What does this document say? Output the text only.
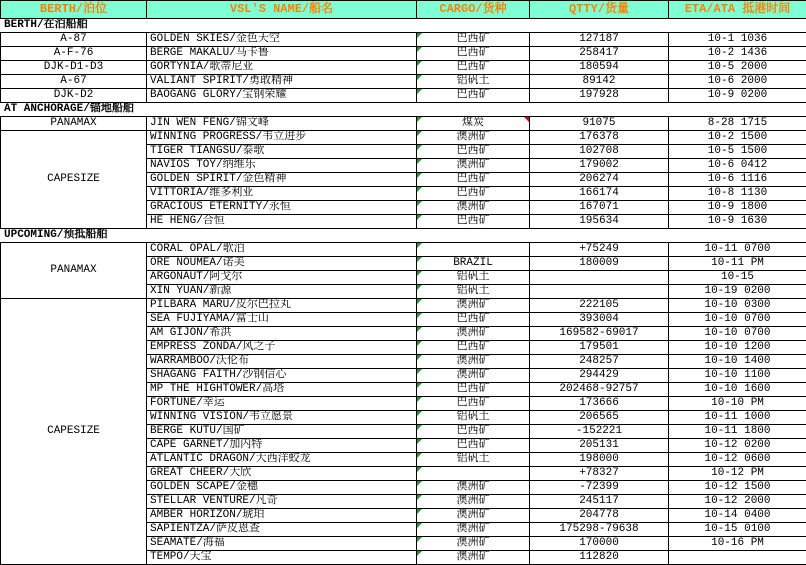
BERTH/泊位	VSL'S NAME/船名	CARGO/货种	QTTY/货量	ETA/ATA 抵港时间
BERTH/在泊船舶				
A-87	GOLDEN SKIES/金色天空	巴西矿	127187	10-1 1036
A-F-76	BERGE MAKALU/马卡鲁	巴西矿	258417	10-2 1436
DJK-D1-D3	GORTYNIA/歌蒂尼亚	巴西矿	180594	10-5 2000
A-67	VALIANT SPIRIT/勇敢精神	铝矾土	89142	10-6 2000
DJK-D2	BAOGANG GLORY/宝钢荣耀	巴西矿	197928	10-9 0200
AT ANCHORAGE/锚地船舶				
PANAMAX	JIN WEN FENG/锦文峰	煤炭	91075	8-28 1715
CAPESIZE	WINNING PROGRESS/韦立进步	澳洲矿	176378	10-2 1500
	TIGER TIANGSU/泰歌	巴西矿	102708	10-5 1500
	NAVIOS TOY/纳维乐	澳洲矿	179002	10-6 0412
	GOLDEN SPIRIT/金色精神	巴西矿	206274	10-6 1116
	VITTORIA/维多利亚	巴西矿	166174	10-8 1130
	GRACIOUS ETERNITY/永恒	澳洲矿	167071	10-9 1800
	HE HENG/合恒	巴西矿	195634	10-9 1630
UPCOMING/预抵船舶				
PANAMAX	CORAL OPAL/歌泊		+75249	10-11 0700
	ORE NOUMEA/诺美	BRAZIL	180009	10-11 PM
	ARGONAUT/阿戈尔	铝矾土		10-15
	XIN YUAN/新源	铝矾土		10-19 0200
CAPESIZE	PILBARA MARU/皮尔巴拉丸	澳洲矿	222105	10-10 0300
	SEA FUJIYAMA/富士山	巴西矿	393004	10-10 0700
	AM GIJON/希洪	澳洲矿	169582-69017	10-10 0700
	EMPRESS ZONDA/风之子	巴西矿	179501	10-10 1200
	WARRAMBOO/沃伦布	澳洲矿	248257	10-10 1400
	SHAGANG FAITH/沙钢信心	澳洲矿	294429	10-10 1100
	MP THE HIGHTOWER/高塔	巴西矿	202468-92757	10-10 1600
	FORTUNE/幸运	巴西矿	173666	10-10 PM
	WINNING VISION/韦立愿景	铝矾土	206565	10-11 1000
	BERGE KUTU/国矿	巴西矿	-152221	10-11 1800
	CAPE GARNET/加内特	巴西矿	205131	10-12 0200
	ATLANTIC DRAGON/大西洋蛟龙	铝矾土	198000	10-12 0600
	GREAT CHEER/大欣		+78327	10-12 PM
	GOLDEN SCAPE/金穗	澳洲矿	-72399	10-12 1500
	STELLAR VENTURE/凡奇	澳洲矿	245117	10-12 2000
	AMBER HORIZON/琥珀	澳洲矿	204778	10-14 0400
	SAPIENTZA/萨皮恩查	澳洲矿	175298-79638	10-15 0100
	SEAMATE/海福	澳洲矿	170000	10-16 PM
	TEMPO/天宝	澳洲矿	112820	
